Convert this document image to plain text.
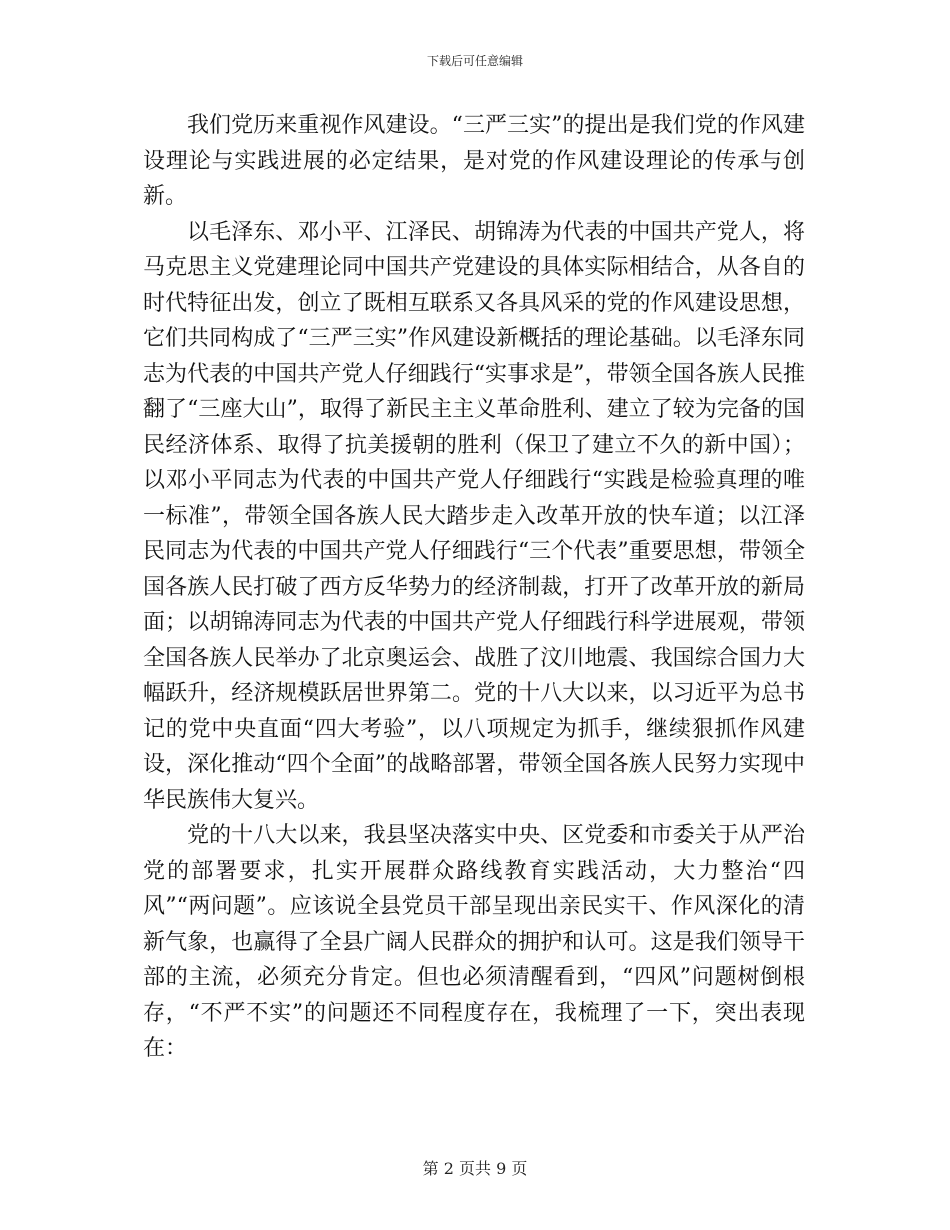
下载后可任意编辑

我们党历来重视作风建设。“三严三实”的提出是我们党的作风建设理论与实践进展的必定结果，是对党的作风建设理论的传承与创新。

以毛泽东、邓小平、江泽民、胡锦涛为代表的中国共产党人，将马克思主义党建理论同中国共产党建设的具体实际相结合，从各自的时代特征出发，创立了既相互联系又各具风采的党的作风建设思想，它们共同构成了“三严三实”作风建设新概括的理论基础。以毛泽东同志为代表的中国共产党人仔细践行“实事求是”，带领全国各族人民推翻了“三座大山”，取得了新民主主义革命胜利、建立了较为完备的国民经济体系、取得了抗美援朝的胜利（保卫了建立不久的新中国）；以邓小平同志为代表的中国共产党人仔细践行“实践是检验真理的唯一标准”，带领全国各族人民大踏步走入改革开放的快车道；以江泽民同志为代表的中国共产党人仔细践行“三个代表”重要思想，带领全国各族人民打破了西方反华势力的经济制裁，打开了改革开放的新局面；以胡锦涛同志为代表的中国共产党人仔细践行科学进展观，带领全国各族人民举办了北京奥运会、战胜了汶川地震、我国综合国力大幅跃升，经济规模跃居世界第二。党的十八大以来，以习近平为总书记的党中央直面“四大考验”，以八项规定为抓手，继续狠抓作风建设，深化推动“四个全面”的战略部署，带领全国各族人民努力实现中华民族伟大复兴。

党的十八大以来，我县坚决落实中央、区党委和市委关于从严治党的部署要求，扎实开展群众路线教育实践活动，大力整治“四风”“两问题”。应该说全县党员干部呈现出亲民实干、作风深化的清新气象，也赢得了全县广阔人民群众的拥护和认可。这是我们领导干部的主流，必须充分肯定。但也必须清醒看到，“四风”问题树倒根存，“不严不实”的问题还不同程度存在，我梳理了一下，突出表现在：

第 2 页共 9 页
